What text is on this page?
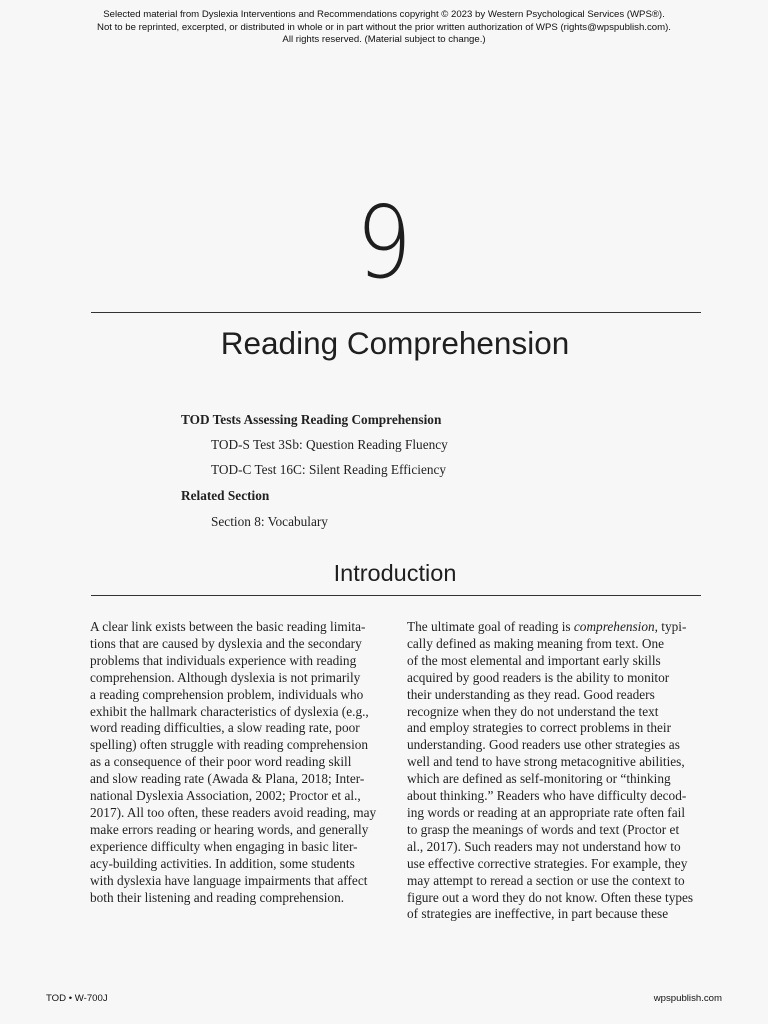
Selected material from Dyslexia Interventions and Recommendations copyright © 2023 by Western Psychological Services (WPS®).
Not to be reprinted, excerpted, or distributed in whole or in part without the prior written authorization of WPS (rights@wpspublish.com).
All rights reserved. (Material subject to change.)
9
Reading Comprehension
TOD Tests Assessing Reading Comprehension
TOD-S Test 3Sb: Question Reading Fluency
TOD-C Test 16C: Silent Reading Efficiency
Related Section
Section 8: Vocabulary
Introduction
A clear link exists between the basic reading limita-
tions that are caused by dyslexia and the secondary
problems that individuals experience with reading
comprehension. Although dyslexia is not primarily
a reading comprehension problem, individuals who
exhibit the hallmark characteristics of dyslexia (e.g.,
word reading difficulties, a slow reading rate, poor
spelling) often struggle with reading comprehension
as a consequence of their poor word reading skill
and slow reading rate (Awada & Plana, 2018; Inter-
national Dyslexia Association, 2002; Proctor et al.,
2017). All too often, these readers avoid reading, may
make errors reading or hearing words, and generally
experience difficulty when engaging in basic liter-
acy-building activities. In addition, some students
with dyslexia have language impairments that affect
both their listening and reading comprehension.
The ultimate goal of reading is comprehension, typi-
cally defined as making meaning from text. One
of the most elemental and important early skills
acquired by good readers is the ability to monitor
their understanding as they read. Good readers
recognize when they do not understand the text
and employ strategies to correct problems in their
understanding. Good readers use other strategies as
well and tend to have strong metacognitive abilities,
which are defined as self-monitoring or “thinking
about thinking.” Readers who have difficulty decod-
ing words or reading at an appropriate rate often fail
to grasp the meanings of words and text (Proctor et
al., 2017). Such readers may not understand how to
use effective corrective strategies. For example, they
may attempt to reread a section or use the context to
figure out a word they do not know. Often these types
of strategies are ineffective, in part because these
TOD • W-700J	wpspublish.com
